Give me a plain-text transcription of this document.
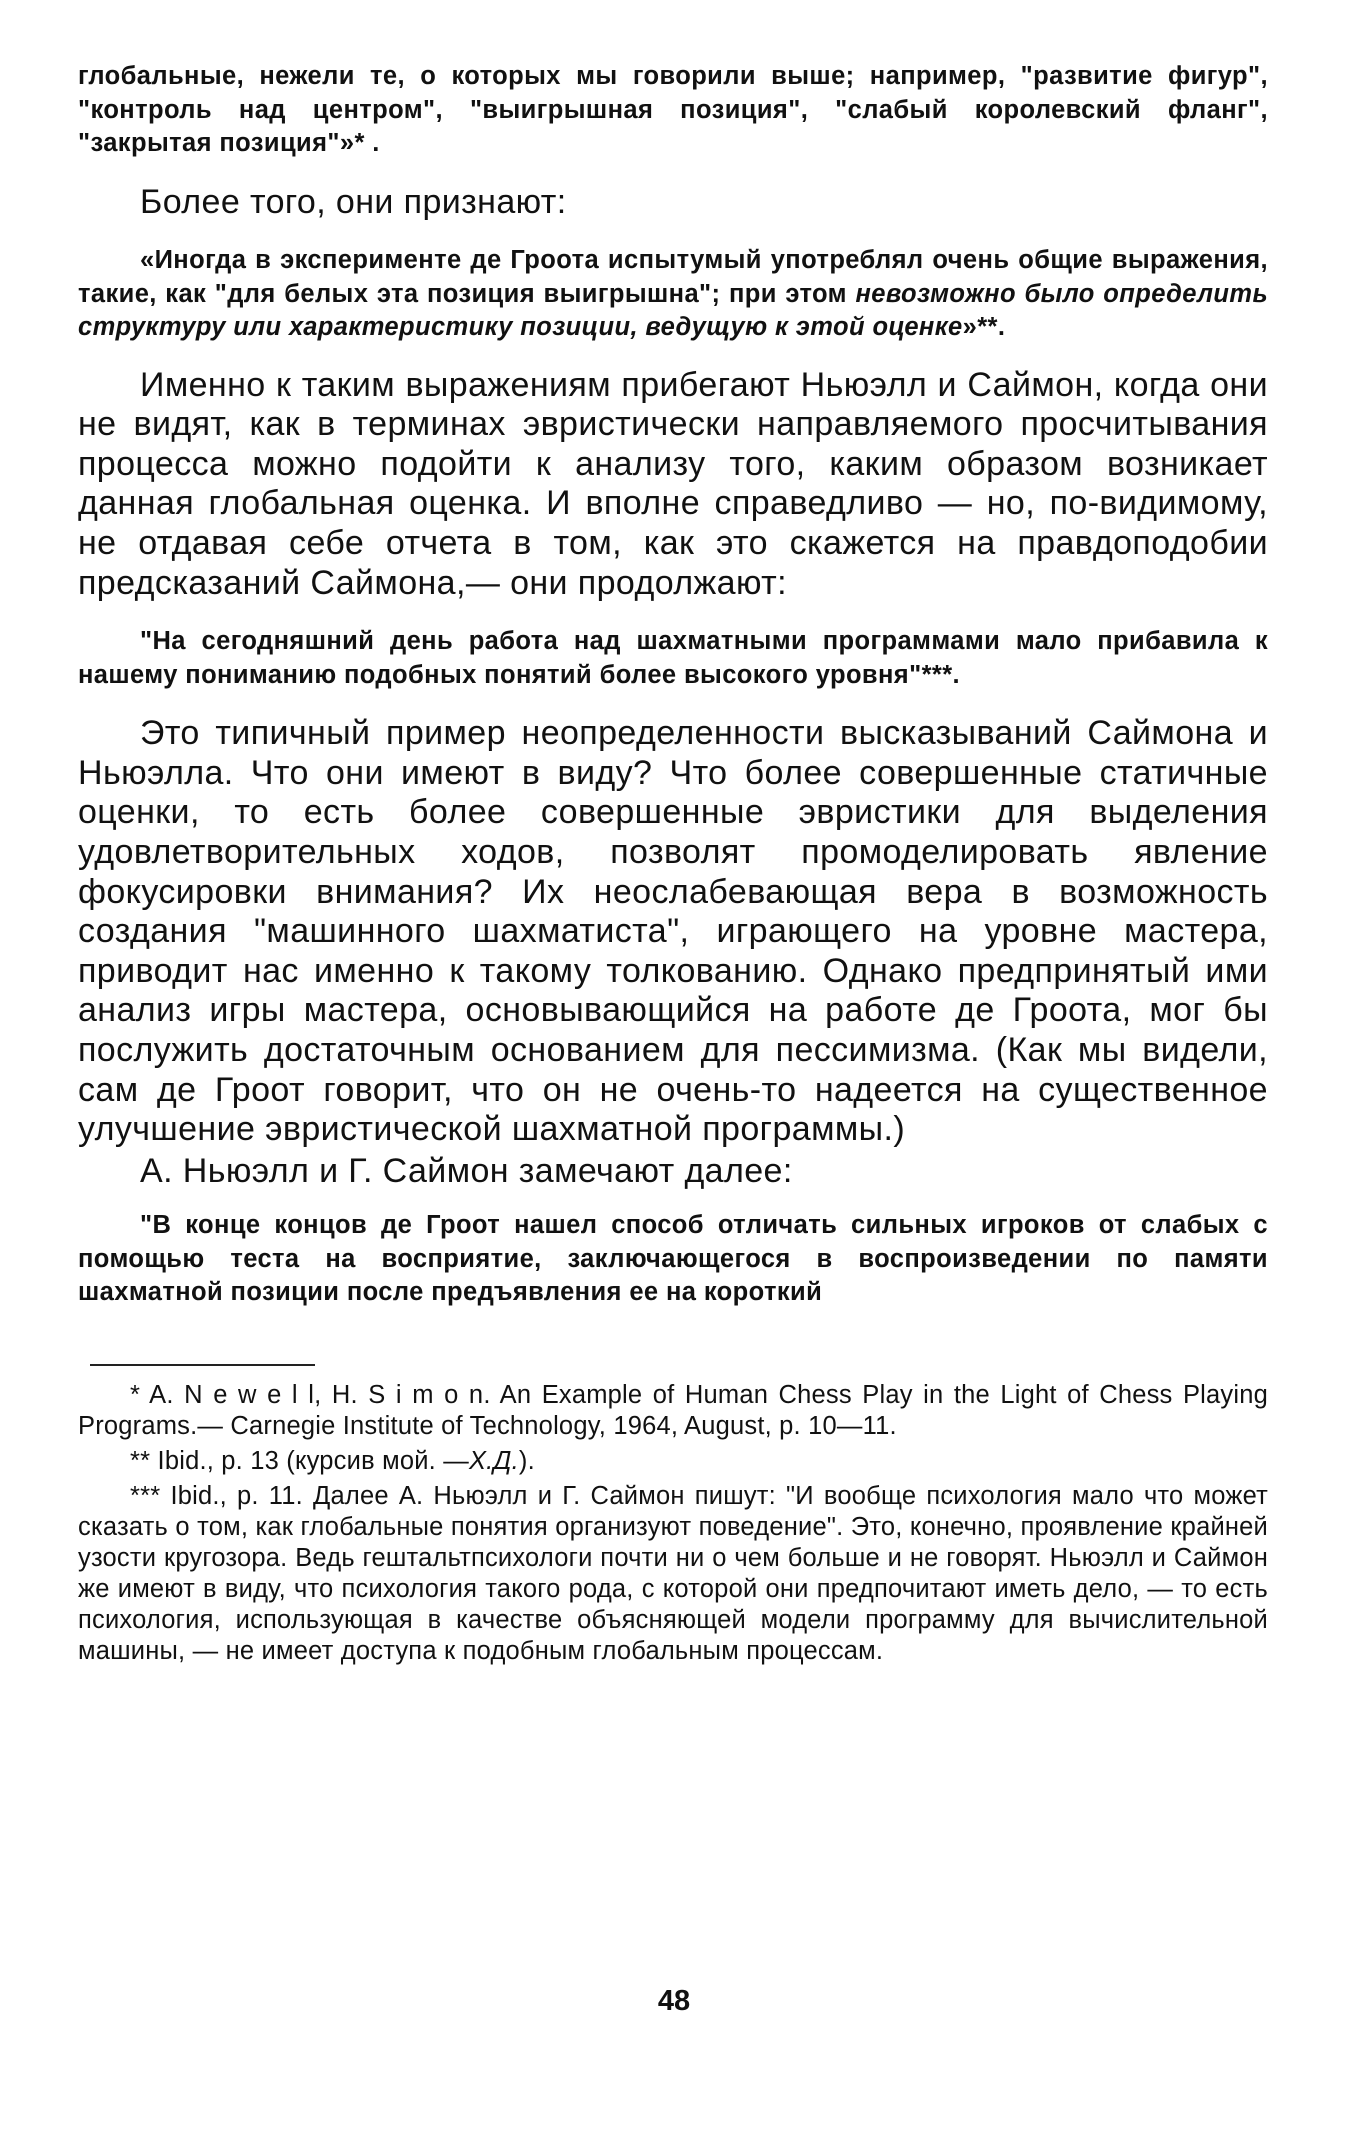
глобальные, нежели те, о которых мы говорили выше; например, "развитие фигур", "контроль над центром", "выигрышная позиция", "слабый королевский фланг", "закрытая позиция"»* .

Более того, они признают:

«Иногда в эксперименте де Гроота испытумый употреблял очень общие выражения, такие, как "для белых эта позиция выигрышна"; при этом невозможно было определить структуру или характеристику позиции, ведущую к этой оценке»**.

Именно к таким выражениям прибегают Ньюэлл и Саймон, когда они не видят, как в терминах эвристически направляемого просчитывания процесса можно подойти к анализу того, каким образом возникает данная глобальная оценка. И вполне справедливо — но, по-видимому, не отдавая себе отчета в том, как это скажется на правдоподобии предсказаний Саймона,— они продолжают:

"На сегодняшний день работа над шахматными программами мало прибавила к нашему пониманию подобных понятий более высокого уровня"***.

Это типичный пример неопределенности высказываний Саймона и Ньюэлла. Что они имеют в виду? Что более совершенные статичные оценки, то есть более совершенные эвристики для выделения удовлетворительных ходов, позволят промоделировать явление фокусировки внимания? Их неослабевающая вера в возможность создания "машинного шахматиста", играющего на уровне мастера, приводит нас именно к такому толкованию. Однако предпринятый ими анализ игры мастера, основывающийся на работе де Гроота, мог бы послужить достаточным основанием для пессимизма. (Как мы видели, сам де Гроот говорит, что он не очень-то надеется на существенное улучшение эвристической шахматной программы.)

А. Ньюэлл и Г. Саймон замечают далее:

"В конце концов де Гроот нашел способ отличать сильных игроков от слабых с помощью теста на восприятие, заключающегося в воспроизведении по памяти шахматной позиции после предъявления ее на короткий

* A. N e w e l l, H. S i m o n. An Example of Human Chess Play in the Light of Chess Playing Programs.— Carnegie Institute of Technology, 1964, August, p. 10—11.

** Ibid., p. 13 (курсив мой. —Х.Д.).

*** Ibid., p. 11. Далее А. Ньюэлл и Г. Саймон пишут: "И вообще психология мало что может сказать о том, как глобальные понятия организуют поведение". Это, конечно, проявление крайней узости кругозора. Ведь гештальтпсихологи почти ни о чем больше и не говорят. Ньюэлл и Саймон же имеют в виду, что психология такого рода, с которой они предпочитают иметь дело, — то есть психология, использующая в качестве объясняющей модели программу для вычислительной машины, — не имеет доступа к подобным глобальным процессам.

48
